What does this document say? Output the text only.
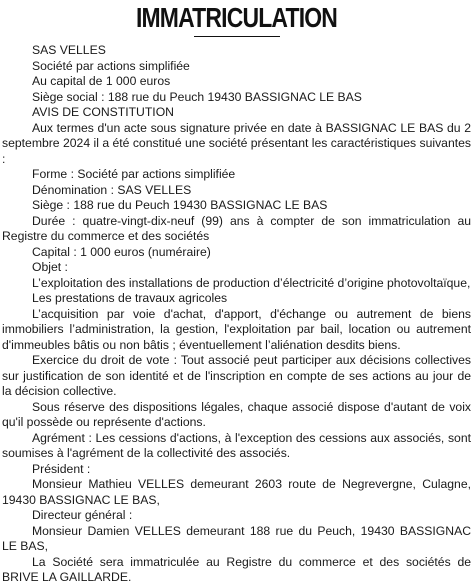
IMMATRICULATION

SAS VELLES

Société par actions simplifiée

Au capital de 1 000 euros

Siège social : 188 rue du Peuch 19430 BASSIGNAC LE BAS

AVIS DE CONSTITUTION

Aux termes d'un acte sous signature privée en date à BASSIGNAC LE BAS du 2 septembre 2024 il a été constitué une société présentant les caractéristiques suivantes :

Forme : Société par actions simplifiée

Dénomination : SAS VELLES

Siège : 188 rue du Peuch 19430 BASSIGNAC LE BAS

Durée : quatre-vingt-dix-neuf (99) ans à compter de son immatriculation au Registre du commerce et des sociétés

Capital : 1 000 euros (numéraire)

Objet :

L’exploitation des installations de production d’électricité d’origine photovoltaïque,

Les prestations de travaux agricoles

L’acquisition par voie d'achat, d'apport, d'échange ou autrement de biens immobiliers l’administration, la gestion, l'exploitation par bail, location ou autrement d'immeubles bâtis ou non bâtis ; éventuellement l’aliénation desdits biens.

Exercice du droit de vote : Tout associé peut participer aux décisions collectives sur justification de son identité et de l'inscription en compte de ses actions au jour de la décision collective.

Sous réserve des dispositions légales, chaque associé dispose d'autant de voix qu'il possède ou représente d'actions.

Agrément : Les cessions d'actions, à l'exception des cessions aux associés, sont soumises à l'agrément de la collectivité des associés.

Président :

Monsieur Mathieu VELLES demeurant 2603 route de Negrevergne, Culagne, 19430 BASSIGNAC LE BAS,

Directeur général :

Monsieur Damien VELLES demeurant 188 rue du Peuch, 19430 BASSIGNAC LE BAS,

La Société sera immatriculée au Registre du commerce et des sociétés de BRIVE LA GAILLARDE.
